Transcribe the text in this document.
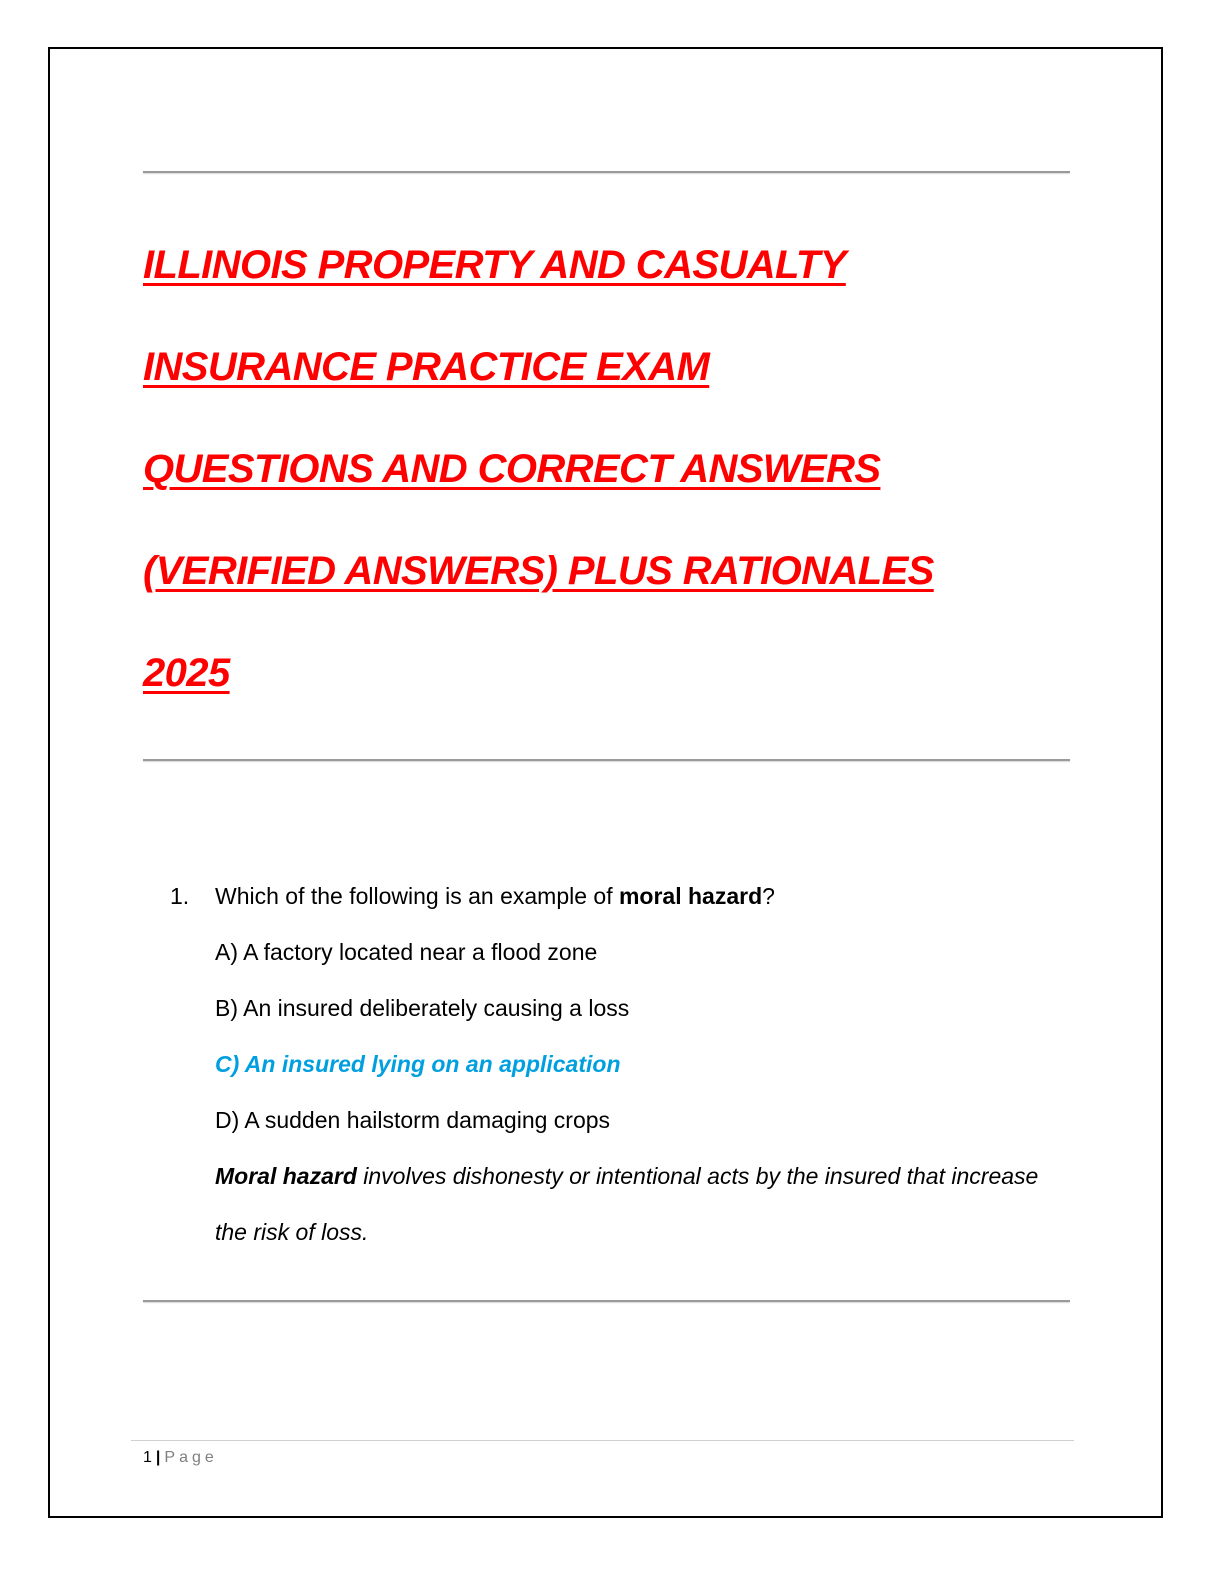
ILLINOIS PROPERTY AND CASUALTY
INSURANCE PRACTICE EXAM
QUESTIONS AND CORRECT ANSWERS
(VERIFIED ANSWERS) PLUS RATIONALES
2025
1. Which of the following is an example of moral hazard?
A) A factory located near a flood zone
B) An insured deliberately causing a loss
C) An insured lying on an application
D) A sudden hailstorm damaging crops
Moral hazard involves dishonesty or intentional acts by the insured that increase the risk of loss.
1 | Page
